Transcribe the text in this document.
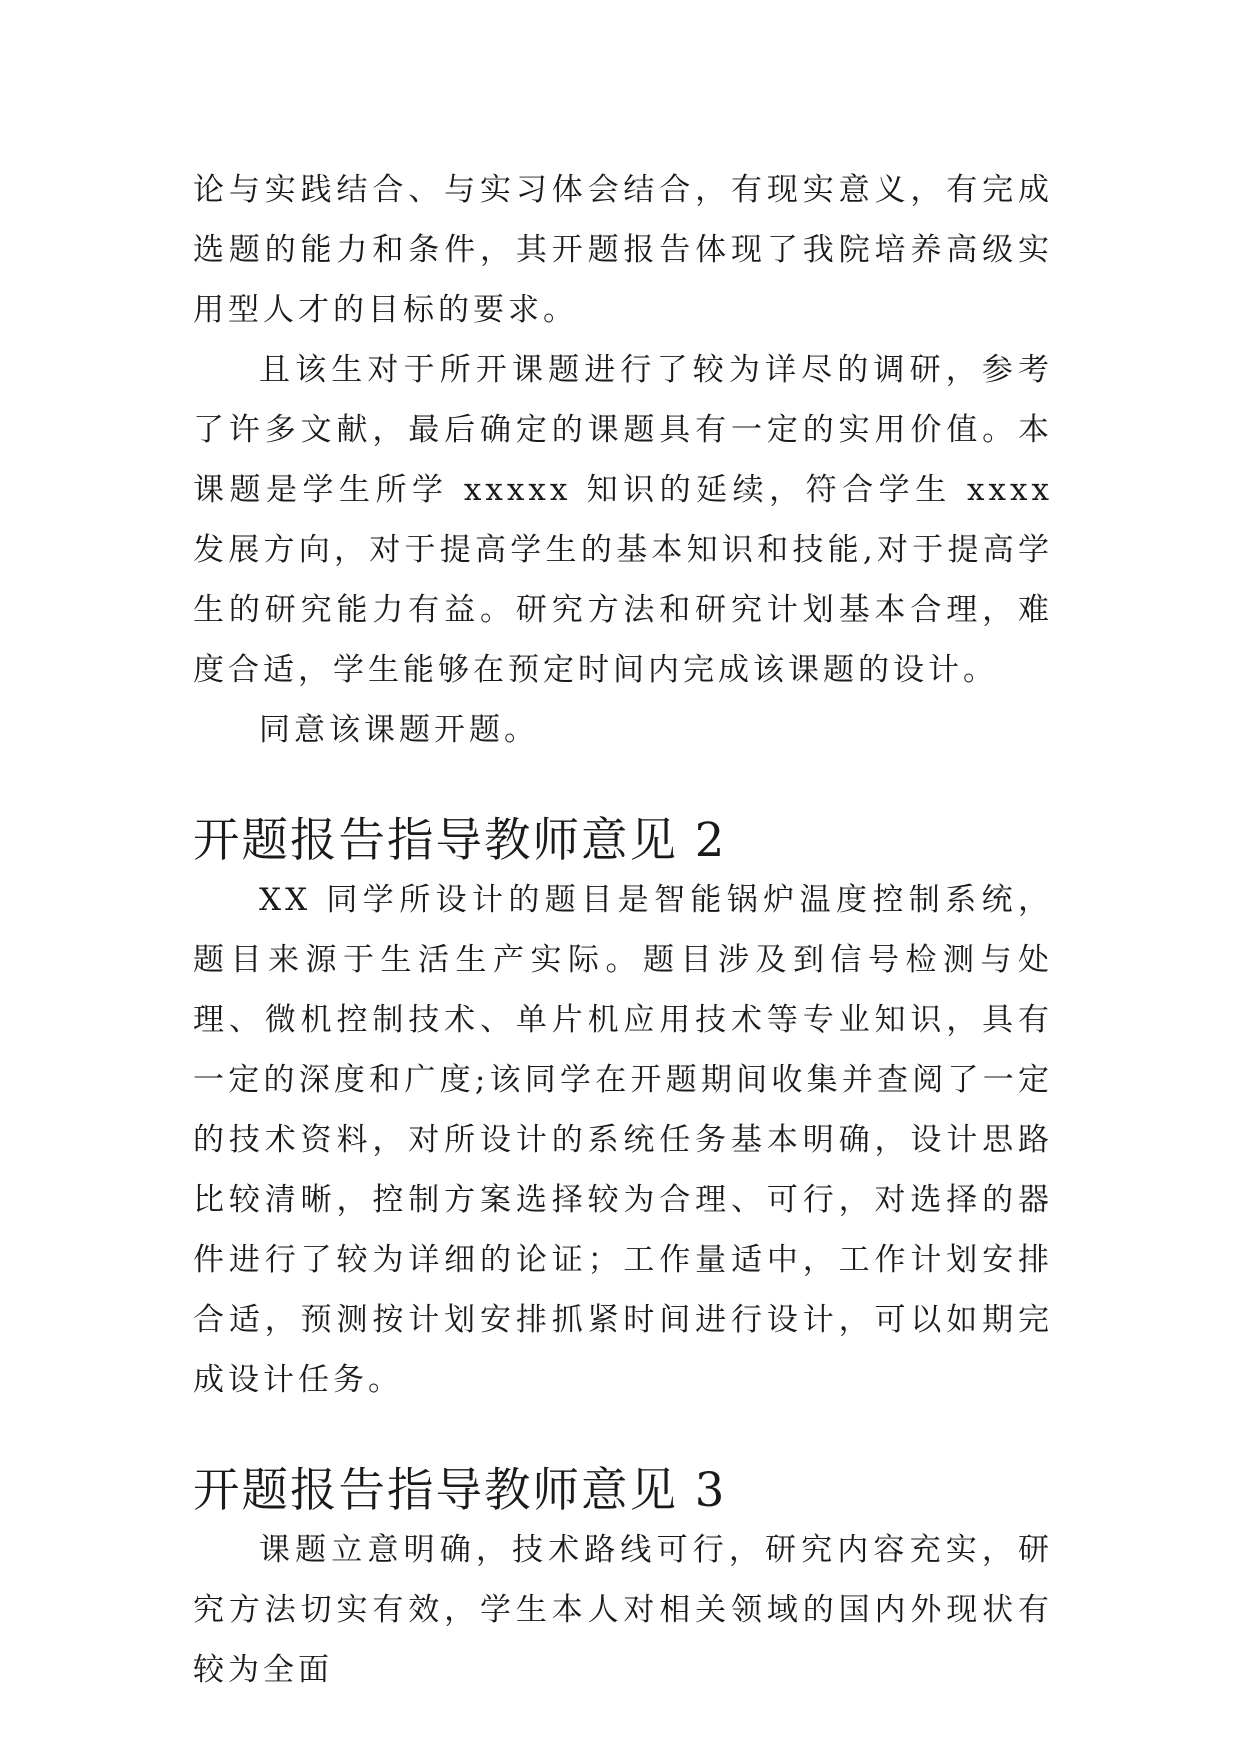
论与实践结合、与实习体会结合，有现实意义，有完成选题的能力和条件，其开题报告体现了我院培养高级实用型人才的目标的要求。

且该生对于所开课题进行了较为详尽的调研，参考了许多文献，最后确定的课题具有一定的实用价值。本课题是学生所学 xxxxx 知识的延续，符合学生 xxxx 发展方向，对于提高学生的基本知识和技能,对于提高学生的研究能力有益。研究方法和研究计划基本合理，难度合适，学生能够在预定时间内完成该课题的设计。

同意该课题开题。

开题报告指导教师意见 2

XX 同学所设计的题目是智能锅炉温度控制系统，题目来源于生活生产实际。题目涉及到信号检测与处理、微机控制技术、单片机应用技术等专业知识，具有一定的深度和广度;该同学在开题期间收集并查阅了一定的技术资料，对所设计的系统任务基本明确，设计思路比较清晰，控制方案选择较为合理、可行，对选择的器件进行了较为详细的论证；工作量适中，工作计划安排合适，预测按计划安排抓紧时间进行设计，可以如期完成设计任务。

开题报告指导教师意见 3

课题立意明确，技术路线可行，研究内容充实，研究方法切实有效，学生本人对相关领域的国内外现状有较为全面
